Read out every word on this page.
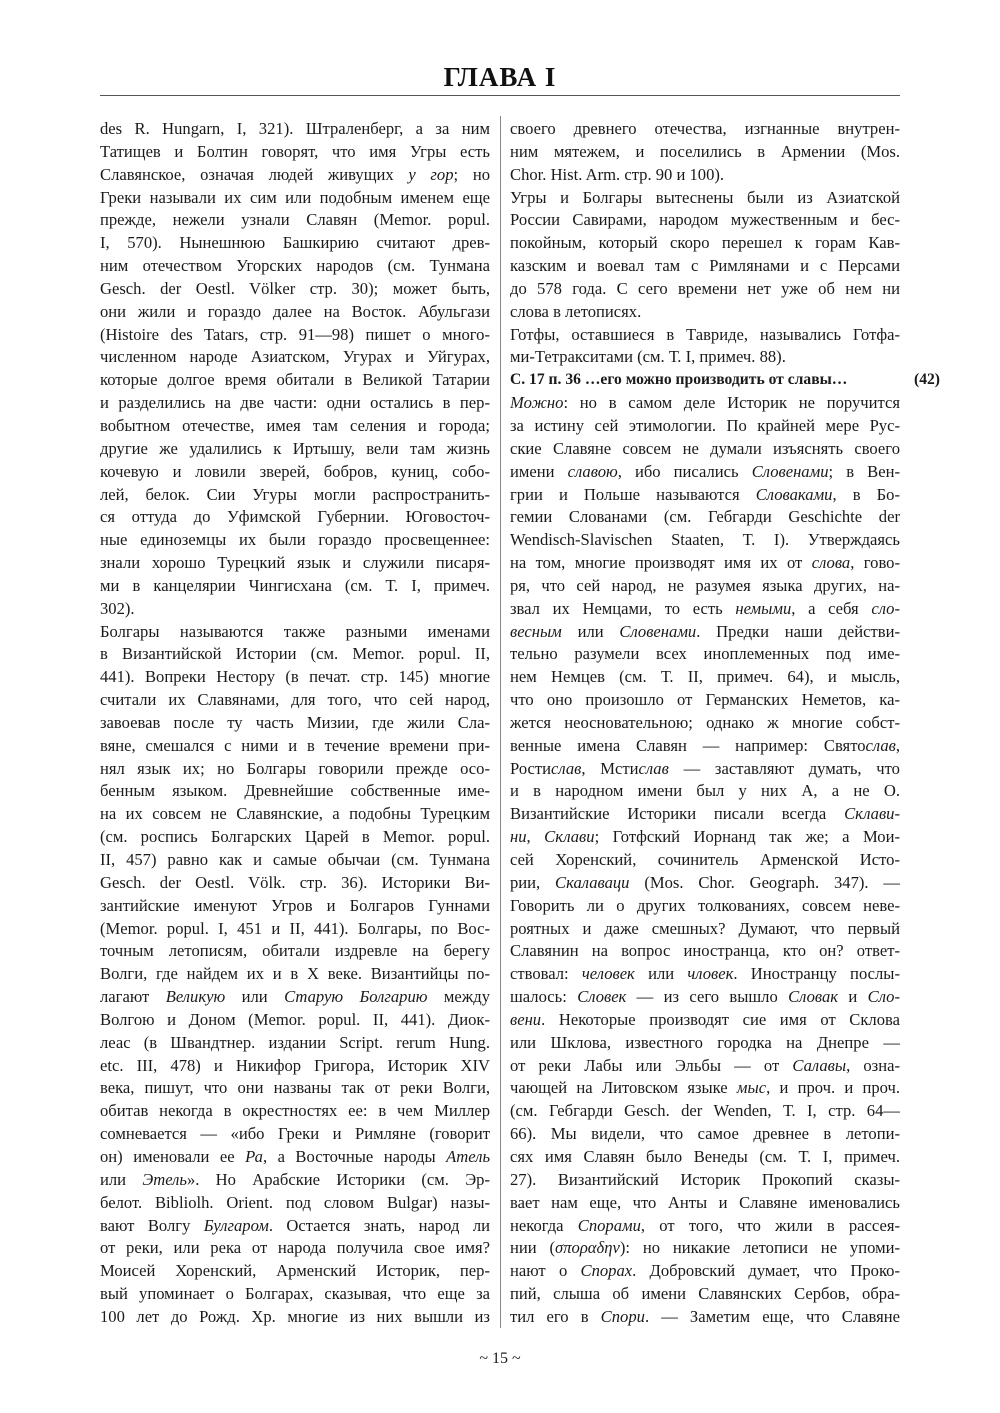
ГЛАВА I
des R. Hungarn, I, 321). Штраленберг, а за ним
Татищев и Болтин говорят, что имя Угры есть
Славянское, означая людей живущих у гор; но
Греки называли их сим или подобным именем еще
прежде, нежели узнали Славян (Memor. popul.
I, 570). Нынешнюю Башкирию считают древ-
ним отечеством Угорских народов (см. Тунмана
Gesch. der Oestl. Völker стр. 30); может быть,
они жили и гораздо далее на Восток. Абульгази
(Histoire des Tatars, стр. 91—98) пишет о много-
численном народе Азиатском, Угурах и Уйгурах,
которые долгое время обитали в Великой Татарии
и разделились на две части: одни остались в пер-
вобытном отечестве, имея там селения и города;
другие же удалились к Иртышу, вели там жизнь
кочевую и ловили зверей, бобров, куниц, собо-
лей, белок. Сии Угуры могли распространить-
ся оттуда до Уфимской Губернии. Юговосточ-
ные единоземцы их были гораздо просвещеннее:
знали хорошо Турецкий язык и служили писаря-
ми в канцелярии Чингисхана (см. Т. I, примеч.
302).
Болгары называются также разными именами
в Византийской Истории (см. Memor. popul. II,
441). Вопреки Нестору (в печат. стр. 145) многие
считали их Славянами, для того, что сей народ,
завоевав после ту часть Мизии, где жили Сла-
вяне, смешался с ними и в течение времени при-
нял язык их; но Болгары говорили прежде осо-
бенным языком. Древнейшие собственные име-
на их совсем не Славянские, а подобны Турецким
(см. роспись Болгарских Царей в Memor. popul.
II, 457) равно как и самые обычаи (см. Тунмана
Gesch. der Oestl. Völk. стр. 36). Историки Ви-
зантийские именуют Угров и Болгаров Гуннами
(Memor. popul. I, 451 и II, 441). Болгары, по Вос-
точным летописям, обитали издревле на берегу
Волги, где найдем их и в X веке. Византийцы по-
лагают Великую или Старую Болгарию между
Волгою и Доном (Memor. popul. II, 441). Диок-
леас (в Швандтнер. издании Script. rerum Hung.
etc. III, 478) и Никифор Григора, Историк XIV
века, пишут, что они названы так от реки Волги,
обитав некогда в окрестностях ее: в чем Миллер
сомневается — «ибо Греки и Римляне (говорит
он) именовали ее Ра, а Восточные народы Атель
или Этель». Но Арабские Историки (см. Эр-
белот. Bibliolh. Orient. под словом Bulgar) назы-
вают Волгу Булгаром. Остается знать, народ ли
от реки, или река от народа получила свое имя?
Моисей Хоренский, Арменский Историк, пер-
вый упоминает о Болгарах, сказывая, что еще за
100 лет до Рожд. Хр. многие из них вышли из
своего древнего отечества, изгнанные внутрен-
ним мятежем, и поселились в Армении (Mos.
Chor. Hist. Arm. стр. 90 и 100).
Угры и Болгары вытеснены были из Азиатской
России Савирами, народом мужественным и бес-
покойным, который скоро перешел к горам Кав-
казским и воевал там с Римлянами и с Персами
до 578 года. С сего времени нет уже об нем ни
слова в летописях.
Готфы, оставшиеся в Тавриде, назывались Готфа-
ми-Тетракситами (см. Т. I, примеч. 88).
С. 17 п. 36 …его можно производить от славы…	(42)
Можно: но в самом деле Историк не поручится
за истину сей этимологии. По крайней мере Рус-
ские Славяне совсем не думали изъяснять своего
имени славою, ибо писались Словенами; в Вен-
грии и Польше называются Словаками, в Бо-
гемии Слованами (см. Гебгарди Geschichte der
Wendisch-Slavischen Staaten, Т. I). Утверждаясь
на том, многие производят имя их от слова, гово-
ря, что сей народ, не разумея языка других, на-
звал их Немцами, то есть немыми, а себя сло-
весным или Словенами. Предки наши действи-
тельно разумели всех иноплеменных под име-
нем Немцев (см. Т. II, примеч. 64), и мысль,
что оно произошло от Германских Неметов, ка-
жется неосновательною; однако ж многие собст-
венные имена Славян — например: Святослав,
Ростислав, Мстислав — заставляют думать, что
и в народном имени был у них А, а не О.
Византийские Историки писали всегда Склави-
ни, Склави; Готфский Иорнанд так же; а Мои-
сей Хоренский, сочинитель Арменской Исто-
рии, Скалаваци (Mos. Chor. Geograph. 347). —
Говорить ли о других толкованиях, совсем неве-
роятных и даже смешных? Думают, что первый
Славянин на вопрос иностранца, кто он? ответ-
ствовал: человек или чловек. Иностранцу послы-
шалось: Словек — из сего вышло Словак и Сло-
вени. Некоторые производят сие имя от Склова
или Шклова, известного городка на Днепре —
от реки Лабы или Эльбы — от Салавы, озна-
чающей на Литовском языке мыс, и проч. и проч.
(см. Гебгарди Gesch. der Wenden, Т. I, стр. 64—
66). Мы видели, что самое древнее в летопи-
сях имя Славян было Венеды (см. Т. I, примеч.
27). Византийский Историк Прокопий сказы-
вает нам еще, что Анты и Славяне именовались
некогда Спорами, от того, что жили в рассея-
нии (σποραδην): но никакие летописи не упоми-
нают о Спорах. Добровский думает, что Проко-
пий, слыша об имени Славянских Сербов, обра-
тил его в Спори. — Заметим еще, что Славяне
~ 15 ~
